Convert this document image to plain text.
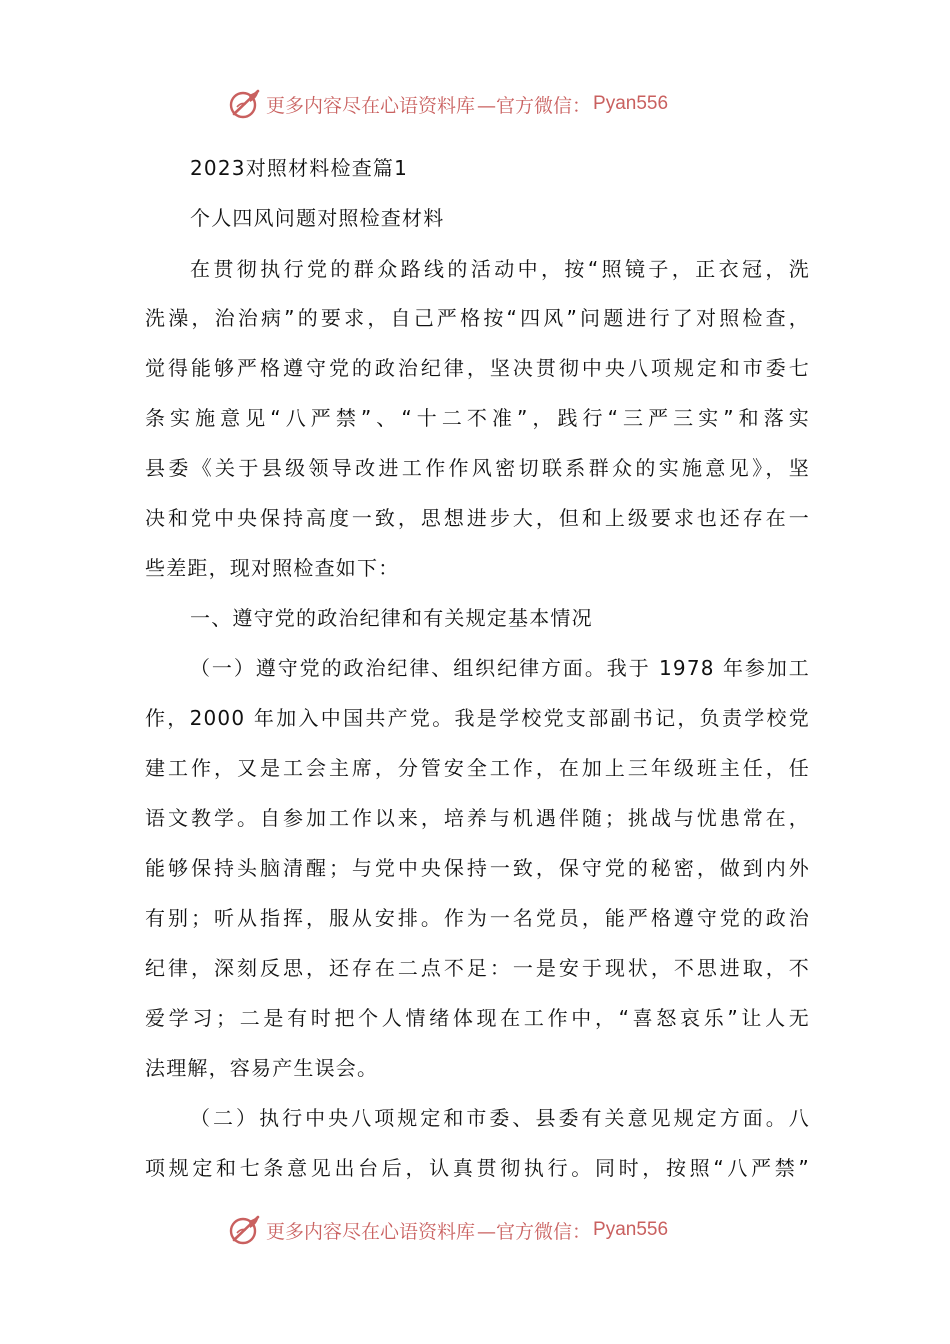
更多内容尽在心语资料库 —官方微信： Pyan556
2023对照材料检查篇1
个人四风问题对照检查材料
在贯彻执行党的群众路线的活动中，按“照镜子，正衣冠，洗
洗澡，治治病”的要求，自己严格按“四风”问题进行了对照检查，
觉得能够严格遵守党的政治纪律，坚决贯彻中央八项规定和市委七
条实施意见“八严禁”、“十二不准”，践行“三严三实”和落实
县委《关于县级领导改进工作作风密切联系群众的实施意见》，坚
决和党中央保持高度一致，思想进步大，但和上级要求也还存在一
些差距，现对照检查如下：
一、遵守党的政治纪律和有关规定基本情况
（一）遵守党的政治纪律、组织纪律方面。我于 1978 年参加工
作，2000 年加入中国共产党。我是学校党支部副书记，负责学校党
建工作，又是工会主席，分管安全工作，在加上三年级班主任，任
语文教学。自参加工作以来，培养与机遇伴随；挑战与忧患常在，
能够保持头脑清醒；与党中央保持一致，保守党的秘密，做到内外
有别；听从指挥，服从安排。作为一名党员，能严格遵守党的政治
纪律，深刻反思，还存在二点不足：一是安于现状，不思进取，不
爱学习；二是有时把个人情绪体现在工作中，“喜怒哀乐”让人无
法理解，容易产生误会。
（二）执行中央八项规定和市委、县委有关意见规定方面。八
项规定和七条意见出台后，认真贯彻执行。同时，按照“八严禁”
更多内容尽在心语资料库 —官方微信： Pyan556
